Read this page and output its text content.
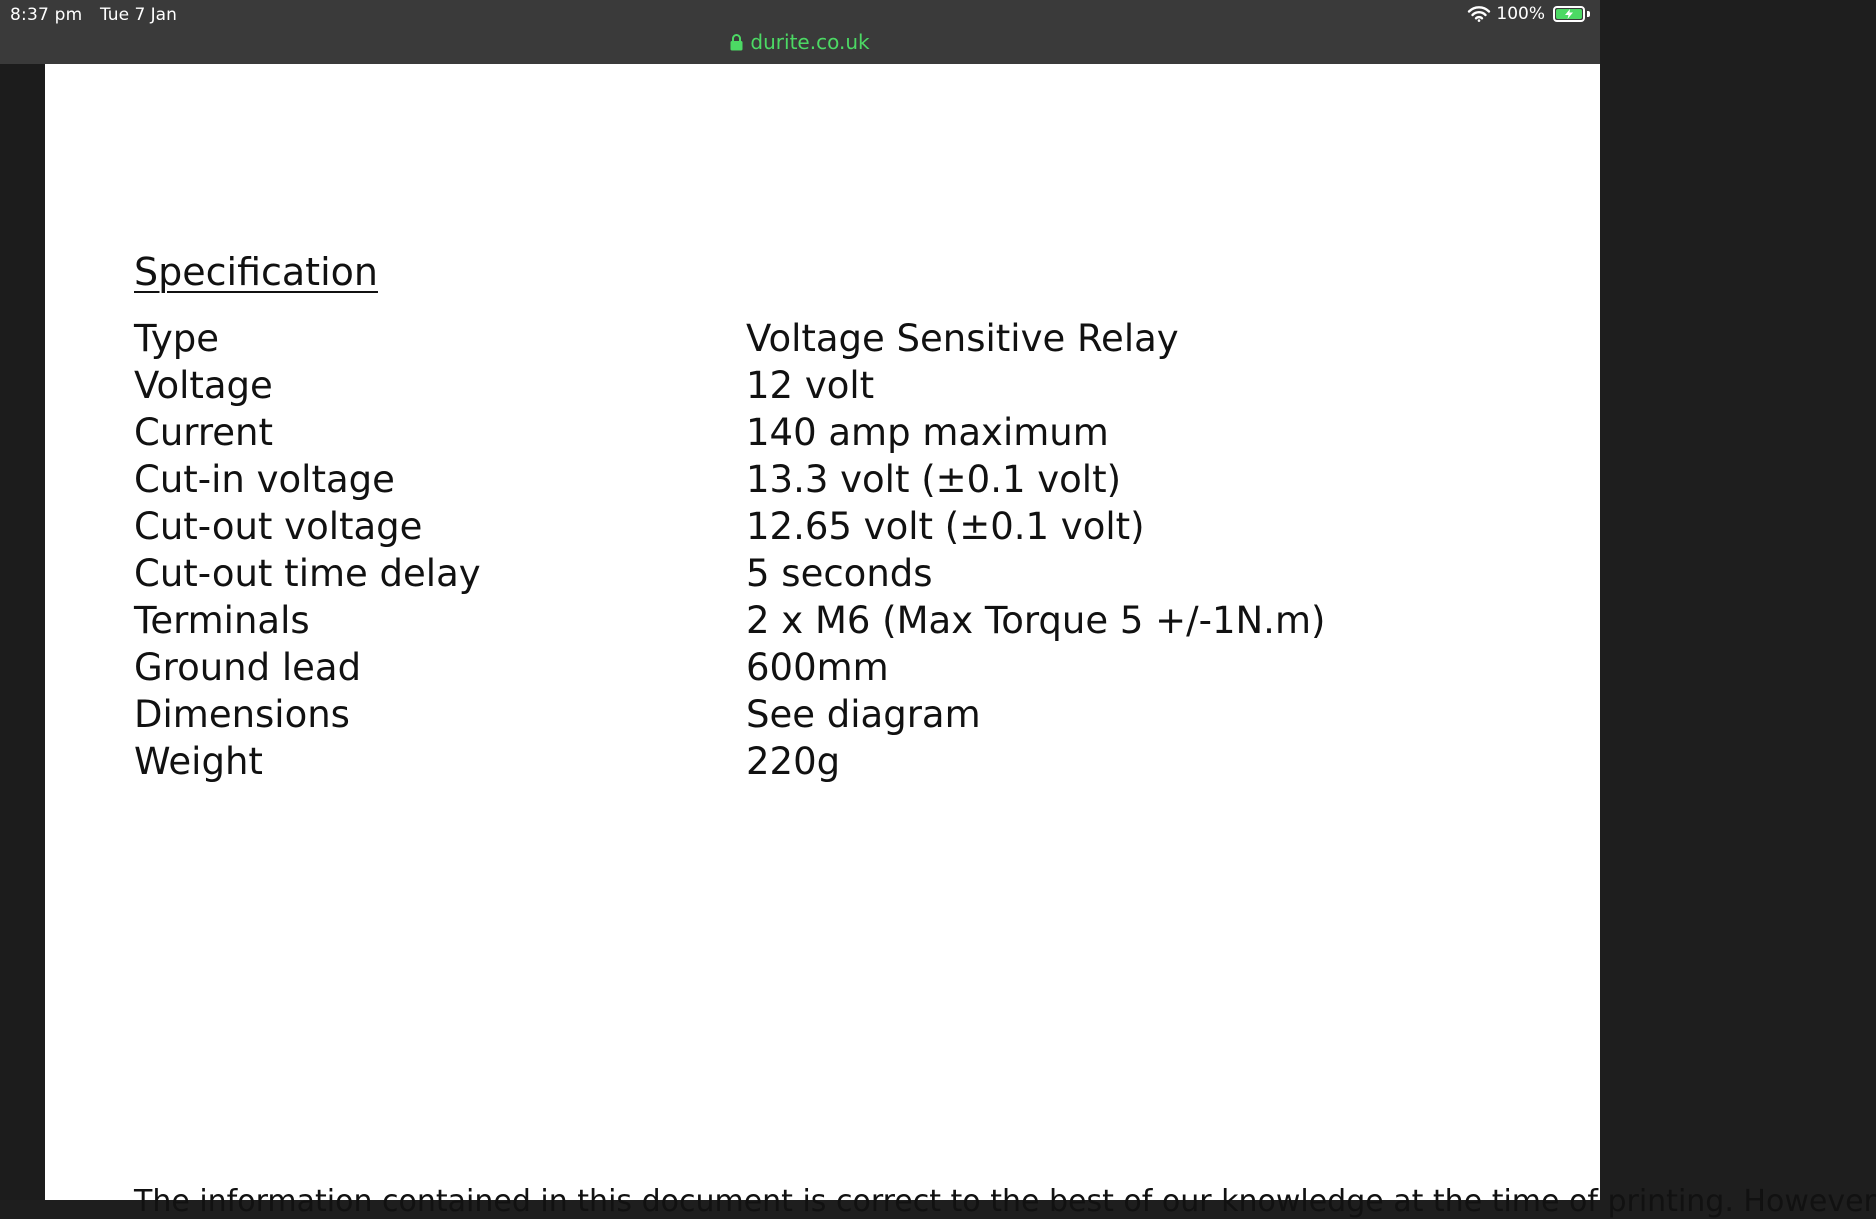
8:37 pm Tue 7 Jan	100%
durite.co.uk
Specification
Type	Voltage Sensitive Relay
Voltage	12 volt
Current	140 amp maximum
Cut-in voltage	13.3 volt (±0.1 volt)
Cut-out voltage	12.65 volt (±0.1 volt)
Cut-out time delay	5 seconds
Terminals	2 x M6 (Max Torque 5 +/-1N.m)
Ground lead	600mm
Dimensions	See diagram
Weight	220g
The information contained in this document is correct to the best of our knowledge at the time of printing. However
